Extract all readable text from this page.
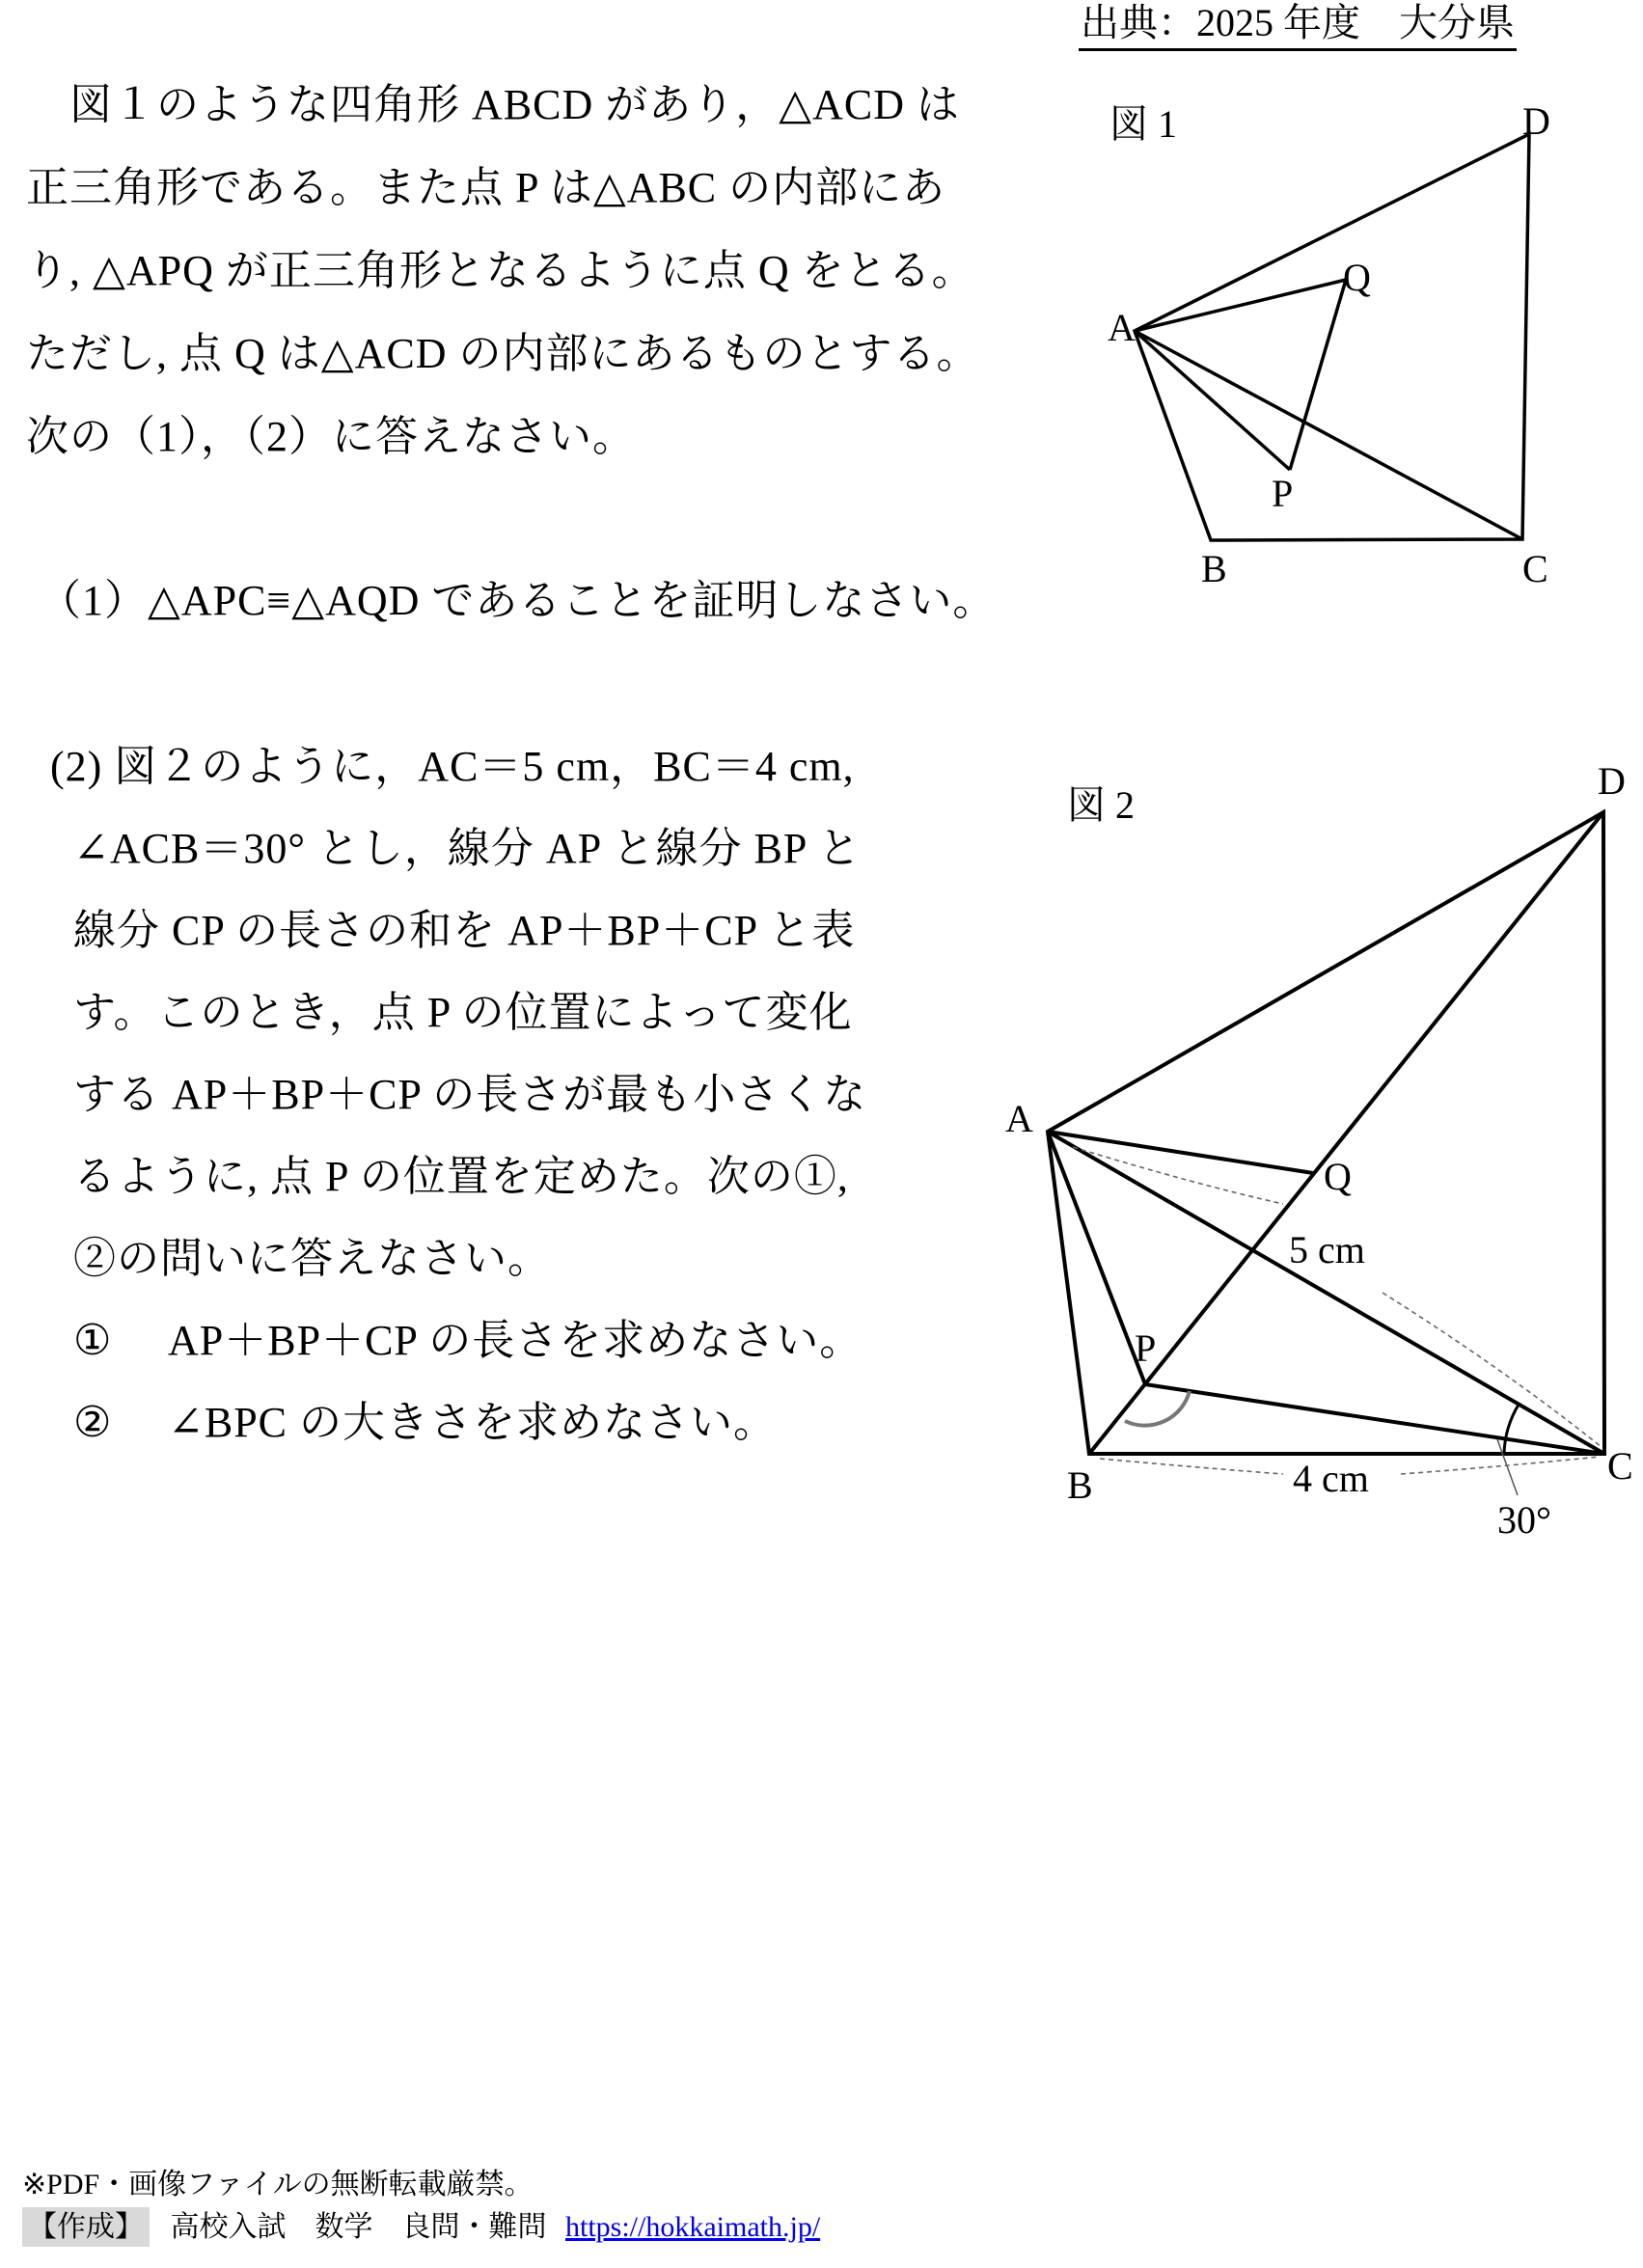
出典：2025 年度　大分県
　図１のような四角形 ABCD があり，△ACD は
正三角形である。また点 P は△ABC の内部にあ
り, △APQ が正三角形となるように点 Q をとる。
ただし, 点 Q は△ACD の内部にあるものとする。
次の（1），（2）に答えなさい。
（1）△APC≡△AQD であることを証明しなさい。
(2) 図２のように，AC＝5 cm，BC＝4 cm,
∠ACB＝30° とし，線分 AP と線分 BP と
線分 CP の長さの和を AP＋BP＋CP と表
す。このとき，点 P の位置によって変化
する AP＋BP＋CP の長さが最も小さくな
るように, 点 P の位置を定めた。次の①,
②の問いに答えなさい。
① AP＋BP＋CP の長さを求めなさい。
② ∠BPC の大きさを求めなさい。
図 1
A
B	C
D
P
Q
図 2
A
B	C
D
P
Q
5 cm
4 cm
30°
※PDF・画像ファイルの無断転載厳禁。
【作成】 高校入試　数学　良問・難問 https://hokkaimath.jp/
